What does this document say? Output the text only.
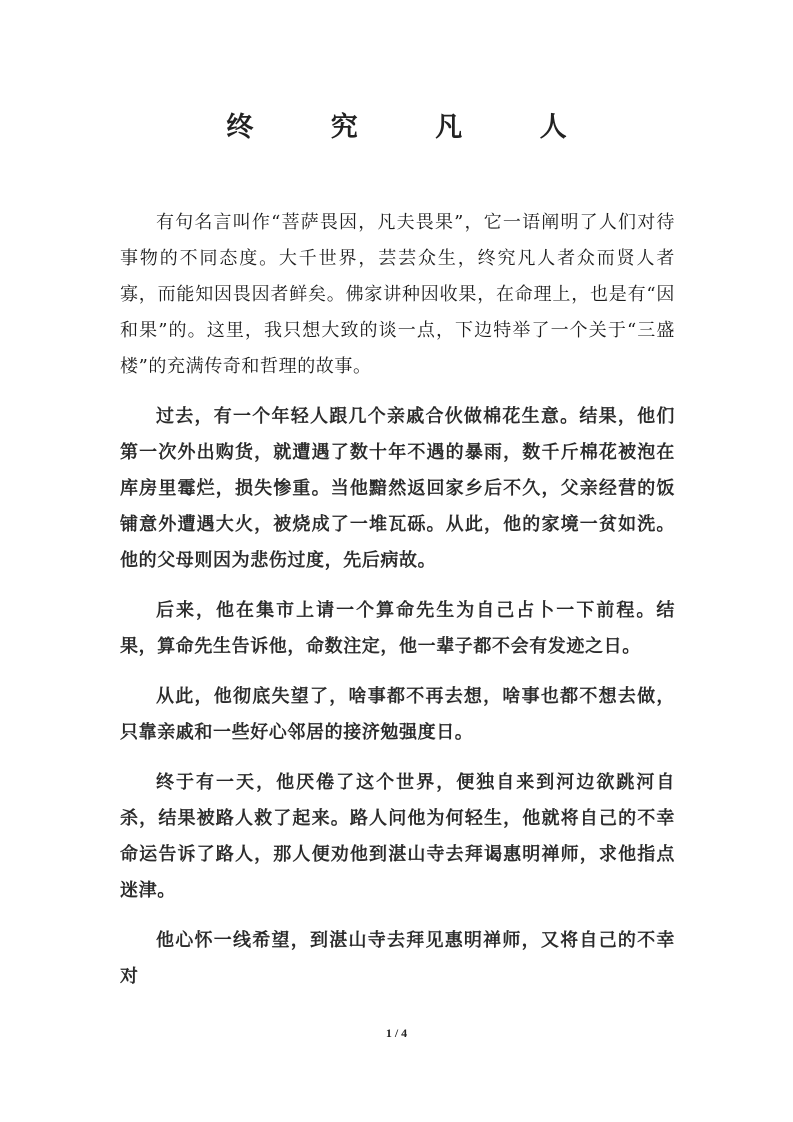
终 究 凡 人

有句名言叫作“菩萨畏因，凡夫畏果”，它一语阐明了人们对待事物的不同态度。大千世界，芸芸众生，终究凡人者众而贤人者寡，而能知因畏因者鲜矣。佛家讲种因收果，在命理上，也是有“因和果”的。这里，我只想大致的谈一点，下边特举了一个关于“三盛楼”的充满传奇和哲理的故事。

过去，有一个年轻人跟几个亲戚合伙做棉花生意。结果，他们第一次外出购货，就遭遇了数十年不遇的暴雨，数千斤棉花被泡在库房里霉烂，损失惨重。当他黯然返回家乡后不久，父亲经营的饭铺意外遭遇大火，被烧成了一堆瓦砾。从此，他的家境一贫如洗。他的父母则因为悲伤过度，先后病故。

后来，他在集市上请一个算命先生为自己占卜一下前程。结果，算命先生告诉他，命数注定，他一辈子都不会有发迹之日。

从此，他彻底失望了，啥事都不再去想，啥事也都不想去做，只靠亲戚和一些好心邻居的接济勉强度日。

终于有一天，他厌倦了这个世界，便独自来到河边欲跳河自杀，结果被路人救了起来。路人问他为何轻生，他就将自己的不幸命运告诉了路人，那人便劝他到湛山寺去拜谒惠明禅师，求他指点迷津。

他心怀一线希望，到湛山寺去拜见惠明禅师，又将自己的不幸对

1 / 4
